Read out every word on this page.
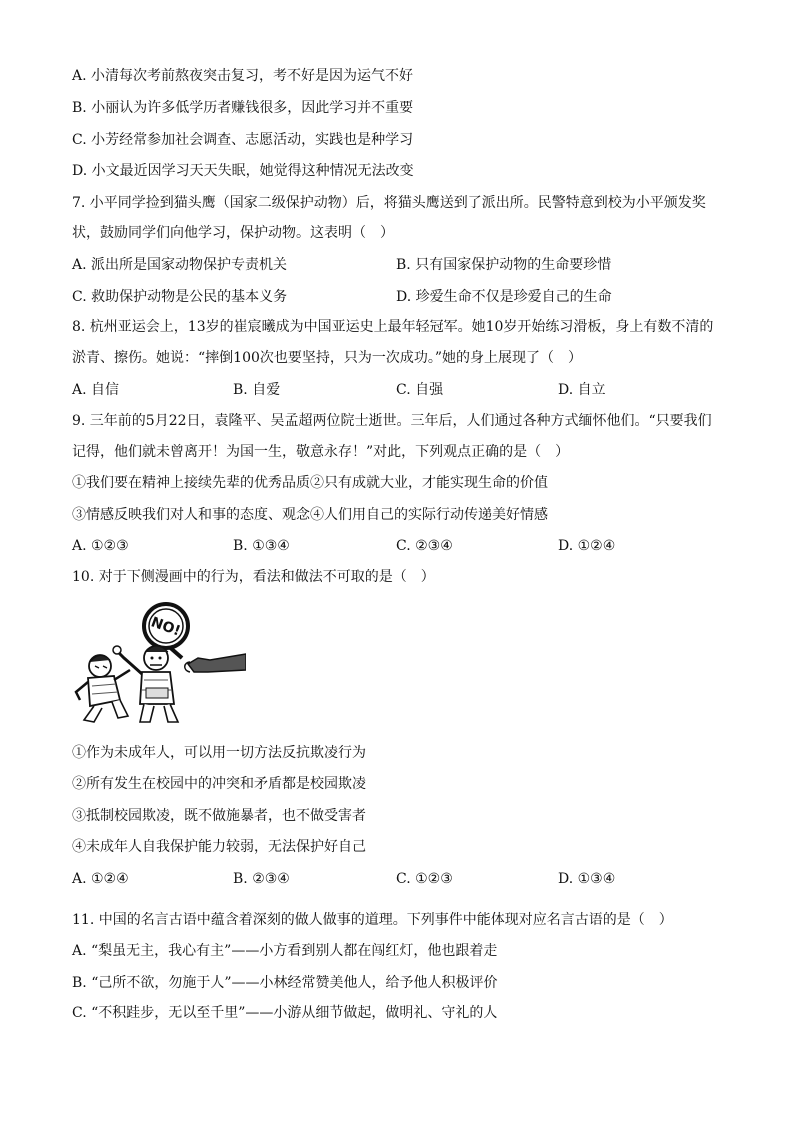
A. 小清每次考前熬夜突击复习，考不好是因为运气不好
B. 小丽认为许多低学历者赚钱很多，因此学习并不重要
C. 小芳经常参加社会调查、志愿活动，实践也是种学习
D. 小文最近因学习天天失眠，她觉得这种情况无法改变
7. 小平同学捡到猫头鹰（国家二级保护动物）后，将猫头鹰送到了派出所。民警特意到校为小平颁发奖
状，鼓励同学们向他学习，保护动物。这表明（　）
A. 派出所是国家动物保护专责机关	B. 只有国家保护动物的生命要珍惜
C. 救助保护动物是公民的基本义务	D. 珍爱生命不仅是珍爱自己的生命
8. 杭州亚运会上，13岁的崔宸曦成为中国亚运史上最年轻冠军。她10岁开始练习滑板，身上有数不清的
淤青、擦伤。她说：“摔倒100次也要坚持，只为一次成功。”她的身上展现了（　）
A. 自信	B. 自爱	C. 自强	D. 自立
9. 三年前的5月22日，袁隆平、吴孟超两位院士逝世。三年后，人们通过各种方式缅怀他们。“只要我们
记得，他们就未曾离开！为国一生，敬意永存！”对此，下列观点正确的是（　）
①我们要在精神上接续先辈的优秀品质②只有成就大业，才能实现生命的价值
③情感反映我们对人和事的态度、观念④人们用自己的实际行动传递美好情感
A. ①②③	B. ①③④	C. ②③④	D. ①②④
10. 对于下侧漫画中的行为，看法和做法不可取的是（　）
NO!
①作为未成年人，可以用一切方法反抗欺凌行为
②所有发生在校园中的冲突和矛盾都是校园欺凌
③抵制校园欺凌，既不做施暴者，也不做受害者
④未成年人自我保护能力较弱，无法保护好自己
A. ①②④	B. ②③④	C. ①②③	D. ①③④
11. 中国的名言古语中蕴含着深刻的做人做事的道理。下列事件中能体现对应名言古语的是（　）
A. “梨虽无主，我心有主”——小方看到别人都在闯红灯，他也跟着走
B. “己所不欲，勿施于人”——小林经常赞美他人，给予他人积极评价
C. “不积跬步，无以至千里”——小游从细节做起，做明礼、守礼的人
